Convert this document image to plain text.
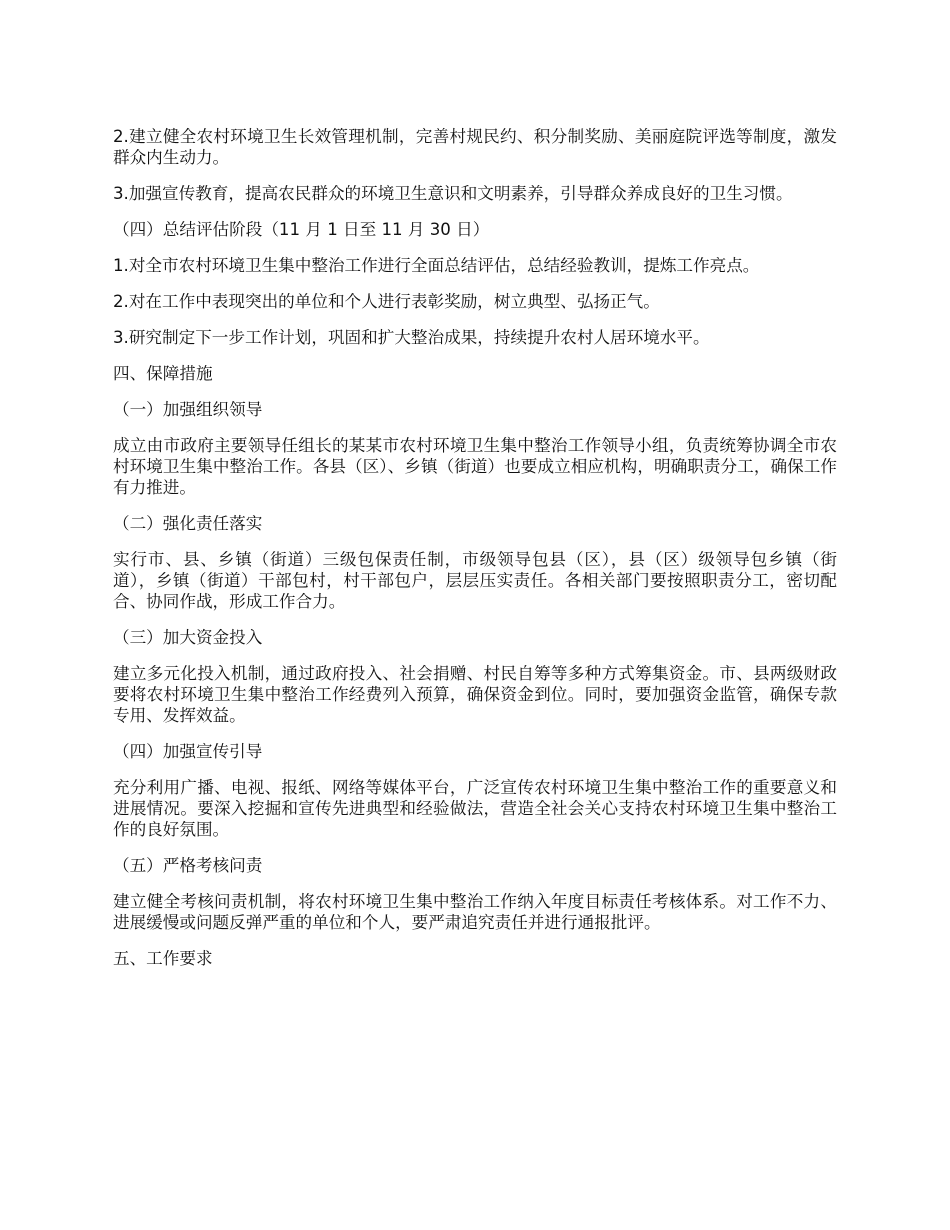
2.建立健全农村环境卫生长效管理机制，完善村规民约、积分制奖励、美丽庭院评选等制度，激发群众内生动力。

3.加强宣传教育，提高农民群众的环境卫生意识和文明素养，引导群众养成良好的卫生习惯。

（四）总结评估阶段（11 月 1 日至 11 月 30 日）

1.对全市农村环境卫生集中整治工作进行全面总结评估，总结经验教训，提炼工作亮点。

2.对在工作中表现突出的单位和个人进行表彰奖励，树立典型、弘扬正气。

3.研究制定下一步工作计划，巩固和扩大整治成果，持续提升农村人居环境水平。

四、保障措施

（一）加强组织领导

成立由市政府主要领导任组长的某某市农村环境卫生集中整治工作领导小组，负责统筹协调全市农村环境卫生集中整治工作。各县（区）、乡镇（街道）也要成立相应机构，明确职责分工，确保工作有力推进。

（二）强化责任落实

实行市、县、乡镇（街道）三级包保责任制，市级领导包县（区），县（区）级领导包乡镇（街道），乡镇（街道）干部包村，村干部包户，层层压实责任。各相关部门要按照职责分工，密切配合、协同作战，形成工作合力。

（三）加大资金投入

建立多元化投入机制，通过政府投入、社会捐赠、村民自筹等多种方式筹集资金。市、县两级财政要将农村环境卫生集中整治工作经费列入预算，确保资金到位。同时，要加强资金监管，确保专款专用、发挥效益。

（四）加强宣传引导

充分利用广播、电视、报纸、网络等媒体平台，广泛宣传农村环境卫生集中整治工作的重要意义和进展情况。要深入挖掘和宣传先进典型和经验做法，营造全社会关心支持农村环境卫生集中整治工作的良好氛围。

（五）严格考核问责

建立健全考核问责机制，将农村环境卫生集中整治工作纳入年度目标责任考核体系。对工作不力、进展缓慢或问题反弹严重的单位和个人，要严肃追究责任并进行通报批评。

五、工作要求
